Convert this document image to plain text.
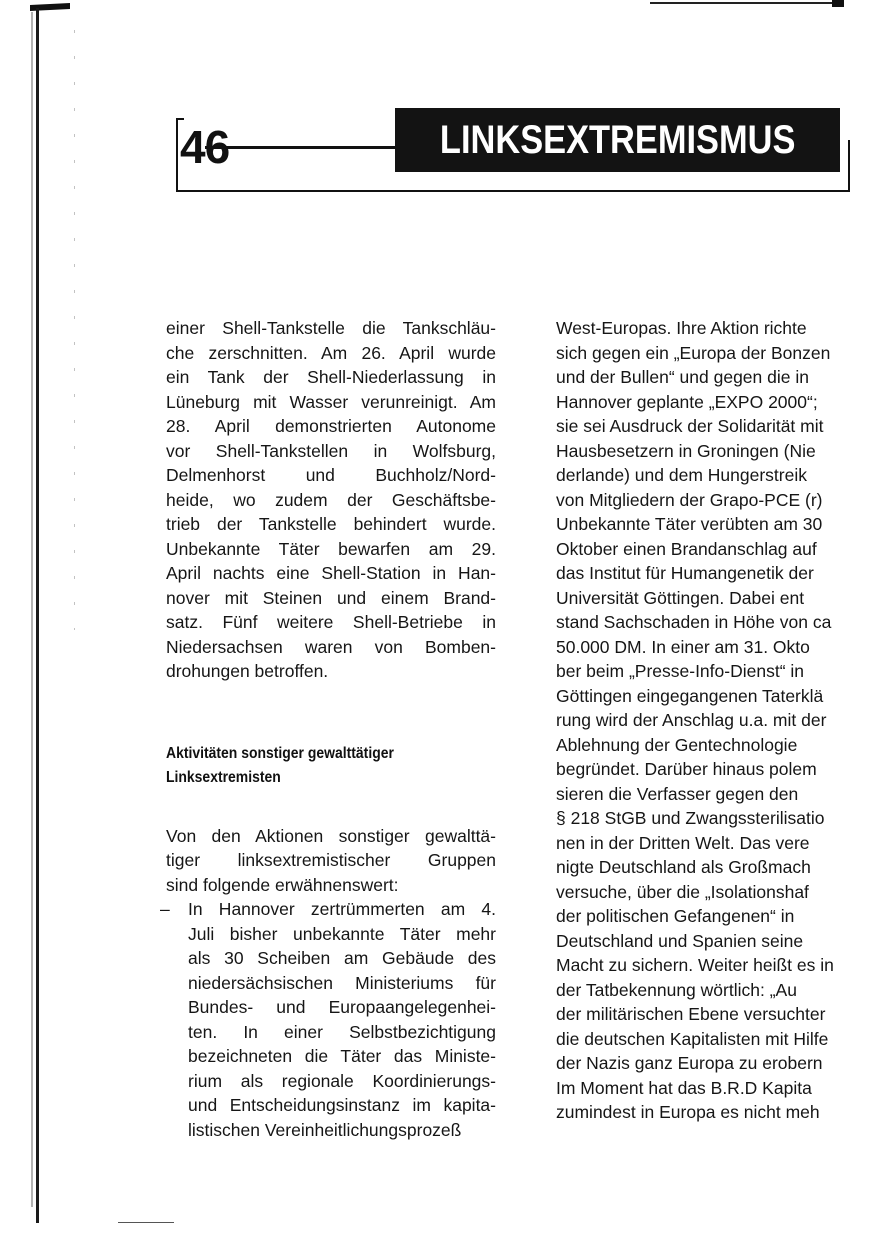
46	LINKSEXTREMISMUS
einer Shell-Tankstelle die Tankschläu-
che zerschnitten. Am 26. April wurde
ein Tank der Shell-Niederlassung in
Lüneburg mit Wasser verunreinigt. Am
28. April demonstrierten Autonome
vor Shell-Tankstellen in Wolfsburg,
Delmenhorst und Buchholz/Nord-
heide, wo zudem der Geschäftsbe-
trieb der Tankstelle behindert wurde.
Unbekannte Täter bewarfen am 29.
April nachts eine Shell-Station in Han-
nover mit Steinen und einem Brand-
satz. Fünf weitere Shell-Betriebe in
Niedersachsen waren von Bomben-
drohungen betroffen.
Aktivitäten sonstiger gewalttätiger
Linksextremisten
Von den Aktionen sonstiger gewalttä-
tiger linksextremistischer Gruppen
sind folgende erwähnenswert:
–	In Hannover zertrümmerten am 4.
Juli bisher unbekannte Täter mehr
als 30 Scheiben am Gebäude des
niedersächsischen Ministeriums für
Bundes- und Europaangelegenhei-
ten. In einer Selbstbezichtigung
bezeichneten die Täter das Ministe-
rium als regionale Koordinierungs-
und Entscheidungsinstanz im kapita-
listischen Vereinheitlichungsprozeß
West-Europas. Ihre Aktion richte
sich gegen ein „Europa der Bonzen
und der Bullen“ und gegen die in
Hannover geplante „EXPO 2000“;
sie sei Ausdruck der Solidarität mit
Hausbesetzern in Groningen (Nie
derlande) und dem Hungerstreik
von Mitgliedern der Grapo-PCE (r)
Unbekannte Täter verübten am 30
Oktober einen Brandanschlag auf
das Institut für Humangenetik der
Universität Göttingen. Dabei ent
stand Sachschaden in Höhe von ca
50.000 DM. In einer am 31. Okto
ber beim „Presse-Info-Dienst“ in
Göttingen eingegangenen Taterklä
rung wird der Anschlag u.a. mit der
Ablehnung der Gentechnologie
begründet. Darüber hinaus polem
sieren die Verfasser gegen den
§ 218 StGB und Zwangssterilisatio
nen in der Dritten Welt. Das vere
nigte Deutschland als Großmach
versuche, über die „Isolationshaf
der politischen Gefangenen“ in
Deutschland und Spanien seine
Macht zu sichern. Weiter heißt es in
der Tatbekennung wörtlich: „Au
der militärischen Ebene versuchter
die deutschen Kapitalisten mit Hilfe
der Nazis ganz Europa zu erobern
Im Moment hat das B.R.D Kapita
zumindest in Europa es nicht meh
